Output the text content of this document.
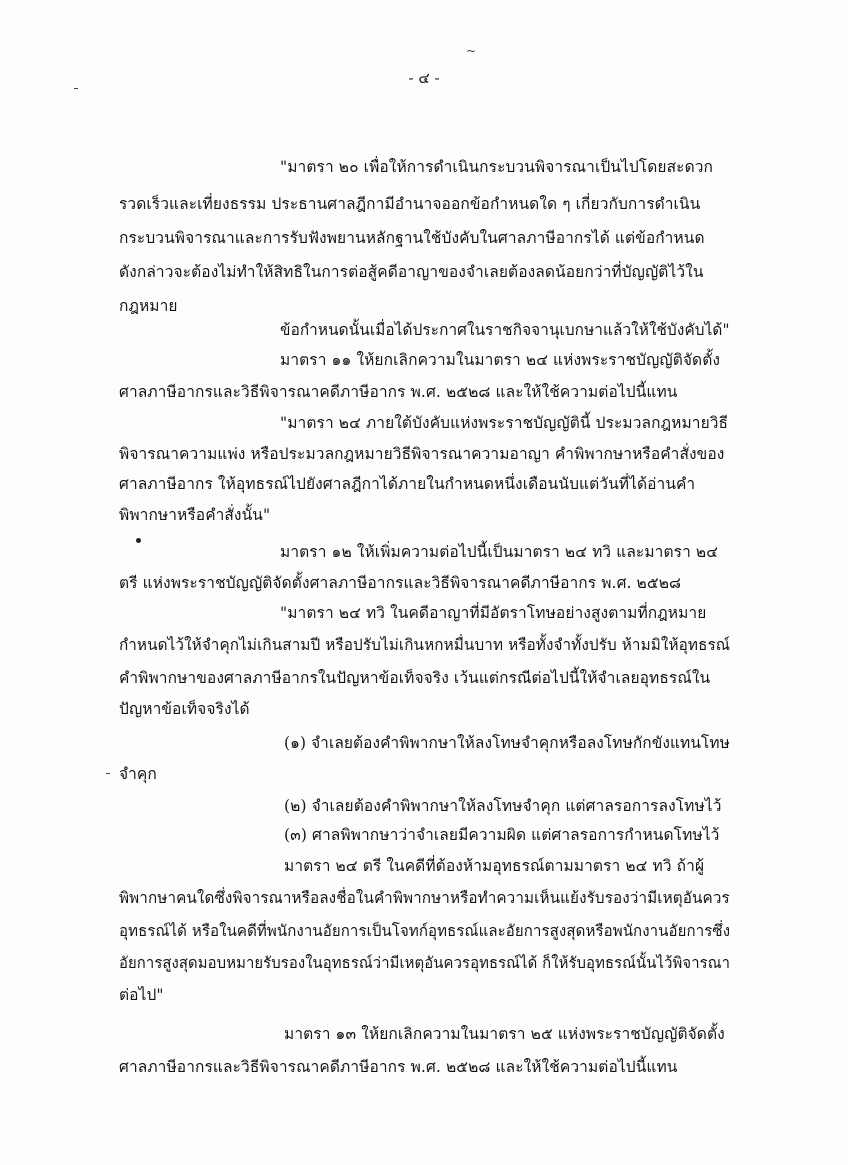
~
- ๔ -
"มาตรา ๒๐ เพื่อให้การดำเนินกระบวนพิจารณาเป็นไปโดยสะดวก
รวดเร็วและเที่ยงธรรม ประธานศาลฎีกามีอำนาจออกข้อกำหนดใด ๆ เกี่ยวกับการดำเนิน
กระบวนพิจารณาและการรับฟังพยานหลักฐานใช้บังคับในศาลภาษีอากรได้ แต่ข้อกำหนด
ดังกล่าวจะต้องไม่ทำให้สิทธิในการต่อสู้คดีอาญาของจำเลยต้องลดน้อยกว่าที่บัญญัติไว้ใน
กฎหมาย
ข้อกำหนดนั้นเมื่อได้ประกาศในราชกิจจานุเบกษาแล้วให้ใช้บังคับได้"
มาตรา ๑๑ ให้ยกเลิกความในมาตรา ๒๔ แห่งพระราชบัญญัติจัดตั้ง
ศาลภาษีอากรและวิธีพิจารณาคดีภาษีอากร พ.ศ. ๒๕๒๘ และให้ใช้ความต่อไปนี้แทน
"มาตรา ๒๔ ภายใต้บังคับแห่งพระราชบัญญัตินี้ ประมวลกฎหมายวิธี
พิจารณาความแพ่ง หรือประมวลกฎหมายวิธีพิจารณาความอาญา คำพิพากษาหรือคำสั่งของ
ศาลภาษีอากร ให้อุทธรณ์ไปยังศาลฎีกาได้ภายในกำหนดหนึ่งเดือนนับแต่วันที่ได้อ่านคำ
พิพากษาหรือคำสั่งนั้น"
มาตรา ๑๒ ให้เพิ่มความต่อไปนี้เป็นมาตรา ๒๔ ทวิ และมาตรา ๒๔
ตรี แห่งพระราชบัญญัติจัดตั้งศาลภาษีอากรและวิธีพิจารณาคดีภาษีอากร พ.ศ. ๒๕๒๘
"มาตรา ๒๔ ทวิ ในคดีอาญาที่มีอัตราโทษอย่างสูงตามที่กฎหมาย
กำหนดไว้ให้จำคุกไม่เกินสามปี หรือปรับไม่เกินหกหมื่นบาท หรือทั้งจำทั้งปรับ ห้ามมิให้อุทธรณ์
คำพิพากษาของศาลภาษีอากรในปัญหาข้อเท็จจริง เว้นแต่กรณีต่อไปนี้ให้จำเลยอุทธรณ์ใน
ปัญหาข้อเท็จจริงได้
(๑) จำเลยต้องคำพิพากษาให้ลงโทษจำคุกหรือลงโทษกักขังแทนโทษ
จำคุก
(๒) จำเลยต้องคำพิพากษาให้ลงโทษจำคุก แต่ศาลรอการลงโทษไว้
(๓) ศาลพิพากษาว่าจำเลยมีความผิด แต่ศาลรอการกำหนดโทษไว้
มาตรา ๒๔ ตรี ในคดีที่ต้องห้ามอุทธรณ์ตามมาตรา ๒๔ ทวิ ถ้าผู้
พิพากษาคนใดซึ่งพิจารณาหรือลงชื่อในคำพิพากษาหรือทำความเห็นแย้งรับรองว่ามีเหตุอันควร
อุทธรณ์ได้ หรือในคดีที่พนักงานอัยการเป็นโจทก์อุทธรณ์และอัยการสูงสุดหรือพนักงานอัยการซึ่ง
อัยการสูงสุดมอบหมายรับรองในอุทธรณ์ว่ามีเหตุอันควรอุทธรณ์ได้ ก็ให้รับอุทธรณ์นั้นไว้พิจารณา
ต่อไป"
มาตรา ๑๓ ให้ยกเลิกความในมาตรา ๒๕ แห่งพระราชบัญญัติจัดตั้ง
ศาลภาษีอากรและวิธีพิจารณาคดีภาษีอากร พ.ศ. ๒๕๒๘ และให้ใช้ความต่อไปนี้แทน
